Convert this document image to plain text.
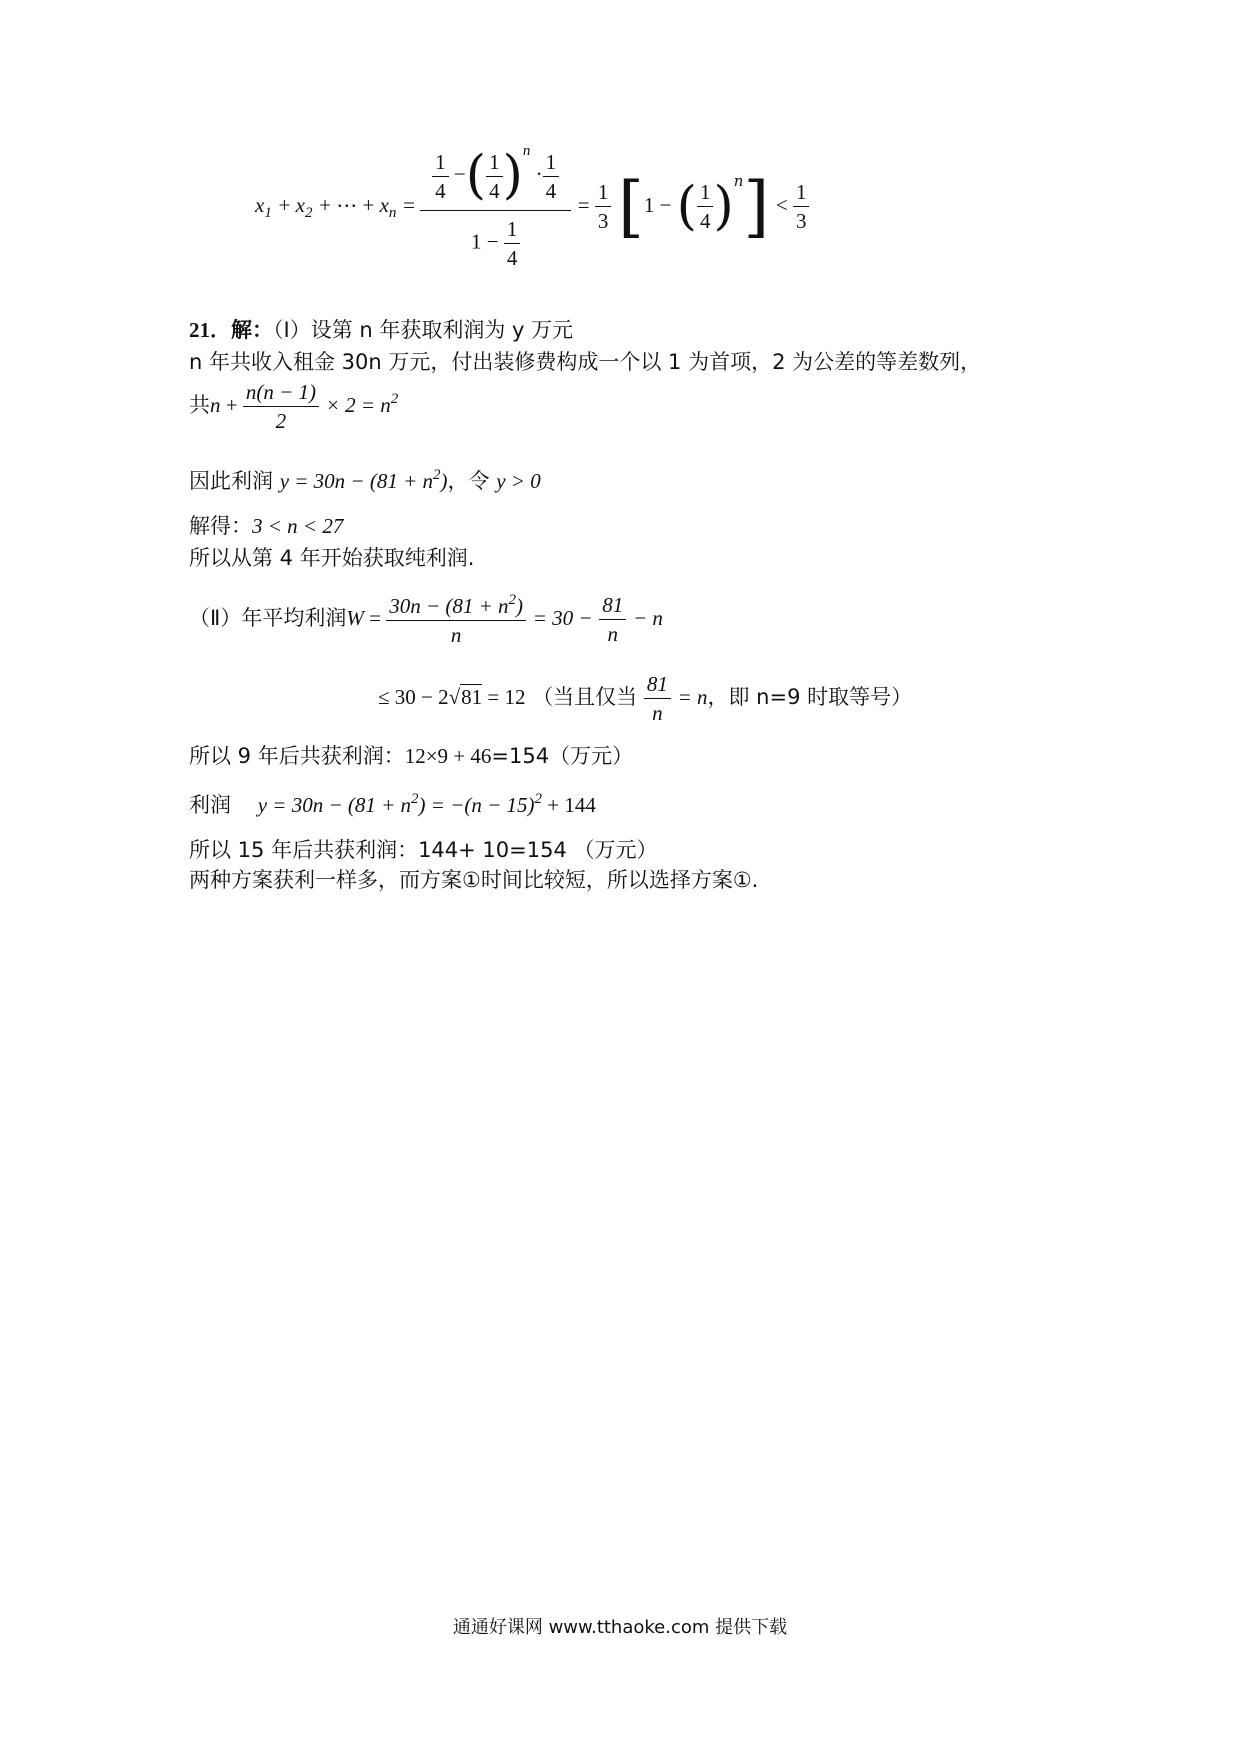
$x_1 + x_2$ + ⋯ + $x_n = \frac{\frac{1}{4} -( \frac{1}{4} )^n \cdot \frac{1}{4}}{1 - \frac{1}{4}} = \frac{1}{3} [1$ − ( $\frac{1}{4} )^n] < \frac{1}{3}$
21．解：（Ⅰ）设第 n 年获取利润为 y 万元
n 年共收入租金 30n 万元，付出装修费构成一个以 1 为首项，2 为公差的等差数列，
共$n + \frac{n(n - 1)}{2} \times 2 = n^2$
因此利润 $y = 30n - (81 + n^2)$，令 y > 0
解得：3 < n < 27
所以从第 4 年开始获取纯利润.
（Ⅱ）年平均利润$W = \frac{30n - (81 + n^2)}{n} = 30 - \frac{81}{n} - n$
≤ 30 − 2√81 = 12 （当且仅当 $\frac{81}{n} = n$，即 n=9 时取等号）
所以 9 年后共获利润：12×9 + 46=154（万元）
利润 $y = 30n - (81 + n^2) = -(n - 15)^2 + 144$
所以 15 年后共获利润：144+ 10=154 （万元）
两种方案获利一样多，而方案①时间比较短，所以选择方案①.
通通好课网 www.tthaoke.com 提供下载
